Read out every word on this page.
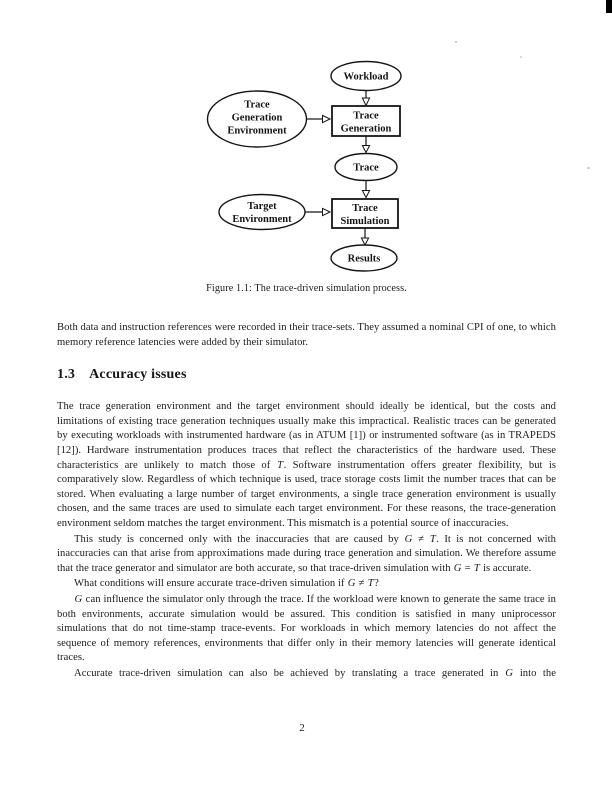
Workload
Trace
Generation
Environment
Trace
Generation
Trace
Target
Environment
Trace
Simulation
Results
Figure 1.1: The trace-driven simulation process.

Both data and instruction references were recorded in their trace-sets. They assumed a nominal CPI of one, to which memory reference latencies were added by their simulator.

1.3 Accuracy issues

The trace generation environment and the target environment should ideally be identical, but the costs and limitations of existing trace generation techniques usually make this impractical. Realistic traces can be generated by executing workloads with instrumented hardware (as in ATUM [1]) or instrumented software (as in TRAPEDS [12]). Hardware instrumentation produces traces that reflect the characteristics of the hardware used. These characteristics are unlikely to match those of T. Software instrumentation offers greater flexibility, but is comparatively slow. Regardless of which technique is used, trace storage costs limit the number traces that can be stored. When evaluating a large number of target environments, a single trace generation environment is usually chosen, and the same traces are used to simulate each target environment. For these reasons, the trace-generation environment seldom matches the target environment. This mismatch is a potential source of inaccuracies.

This study is concerned only with the inaccuracies that are caused by G ≠ T. It is not concerned with inaccuracies can that arise from approximations made during trace generation and simulation. We therefore assume that the trace generator and simulator are both accurate, so that trace-driven simulation with G = T is accurate.

What conditions will ensure accurate trace-driven simulation if G ≠ T?

G can influence the simulator only through the trace. If the workload were known to generate the same trace in both environments, accurate simulation would be assured. This condition is satisfied in many uniprocessor simulations that do not time-stamp trace-events. For workloads in which memory latencies do not affect the sequence of memory references, environments that differ only in their memory latencies will generate identical traces.

Accurate trace-driven simulation can also be achieved by translating a trace generated in G into the

2
